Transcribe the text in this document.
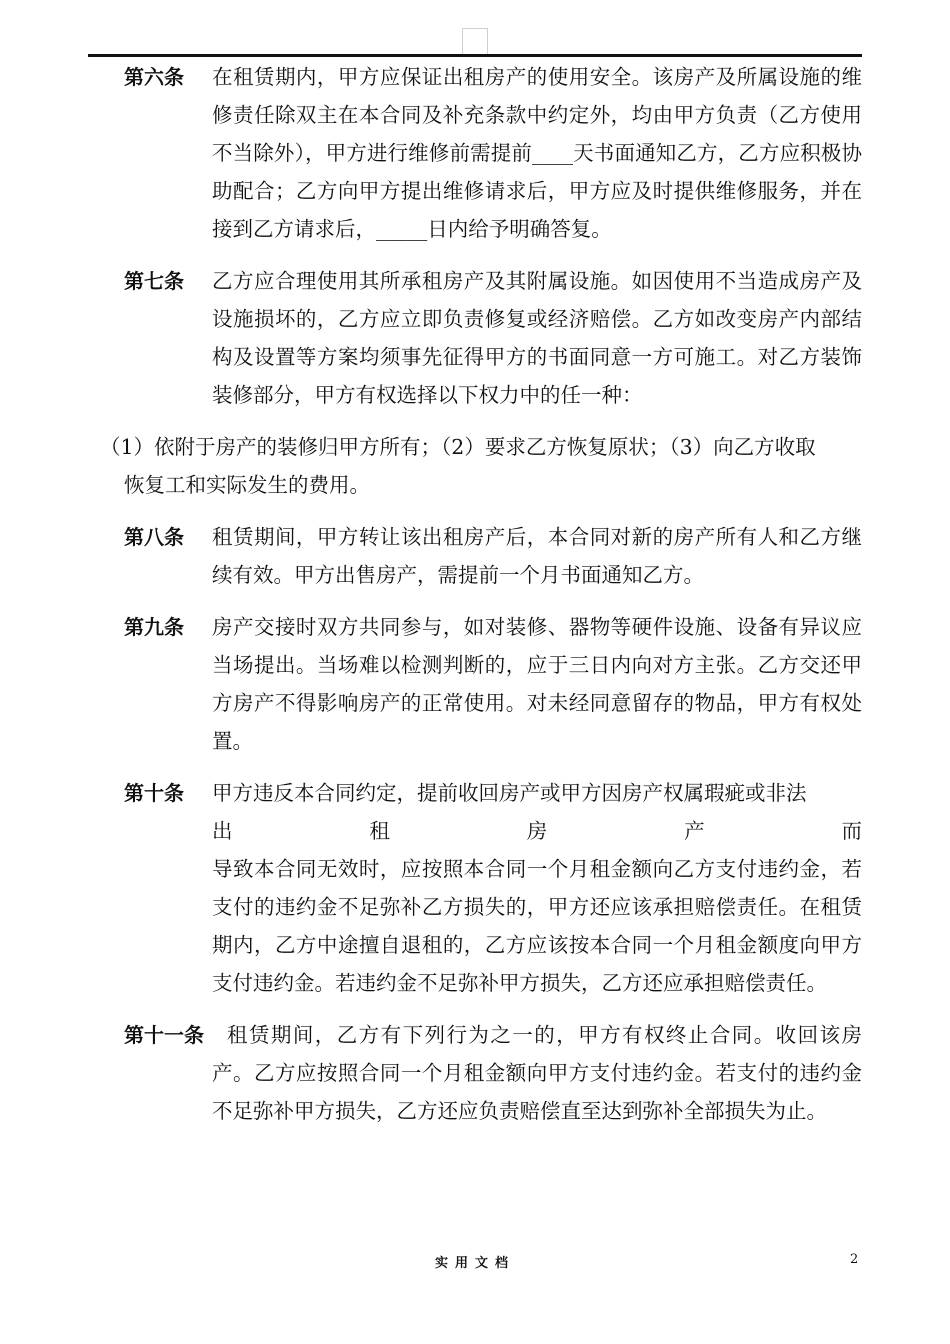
第六条 在租赁期内，甲方应保证出租房产的使用安全。该房产及所属设施的维修责任除双主在本合同及补充条款中约定外，均由甲方负责（乙方使用不当除外），甲方进行维修前需提前____天书面通知乙方，乙方应积极协助配合；乙方向甲方提出维修请求后，甲方应及时提供维修服务，并在接到乙方请求后，_____日内给予明确答复。
第七条 乙方应合理使用其所承租房产及其附属设施。如因使用不当造成房产及设施损坏的，乙方应立即负责修复或经济赔偿。乙方如改变房产内部结构及设置等方案均须事先征得甲方的书面同意一方可施工。对乙方装饰装修部分，甲方有权选择以下权力中的任一种：
（1）依附于房产的装修归甲方所有；（2）要求乙方恢复原状；（3）向乙方收取
恢复工和实际发生的费用。
第八条 租赁期间，甲方转让该出租房产后，本合同对新的房产所有人和乙方继续有效。甲方出售房产，需提前一个月书面通知乙方。
第九条 房产交接时双方共同参与，如对装修、器物等硬件设施、设备有异议应当场提出。当场难以检测判断的，应于三日内向对方主张。乙方交还甲方房产不得影响房产的正常使用。对未经同意留存的物品，甲方有权处置。
第十条 甲方违反本合同约定，提前收回房产或甲方因房产权属瑕疵或非法
出	租	房	产	而
导致本合同无效时，应按照本合同一个月租金额向乙方支付违约金，若支付的违约金不足弥补乙方损失的，甲方还应该承担赔偿责任。在租赁期内，乙方中途擅自退租的，乙方应该按本合同一个月租金额度向甲方支付违约金。若违约金不足弥补甲方损失，乙方还应承担赔偿责任。
第十一条	租赁期间，乙方有下列行为之一的，甲方有权终止合同。收回该房产。乙方应按照合同一个月租金额向甲方支付违约金。若支付的违约金不足弥补甲方损失，乙方还应负责赔偿直至达到弥补全部损失为止。
实用文档	2
